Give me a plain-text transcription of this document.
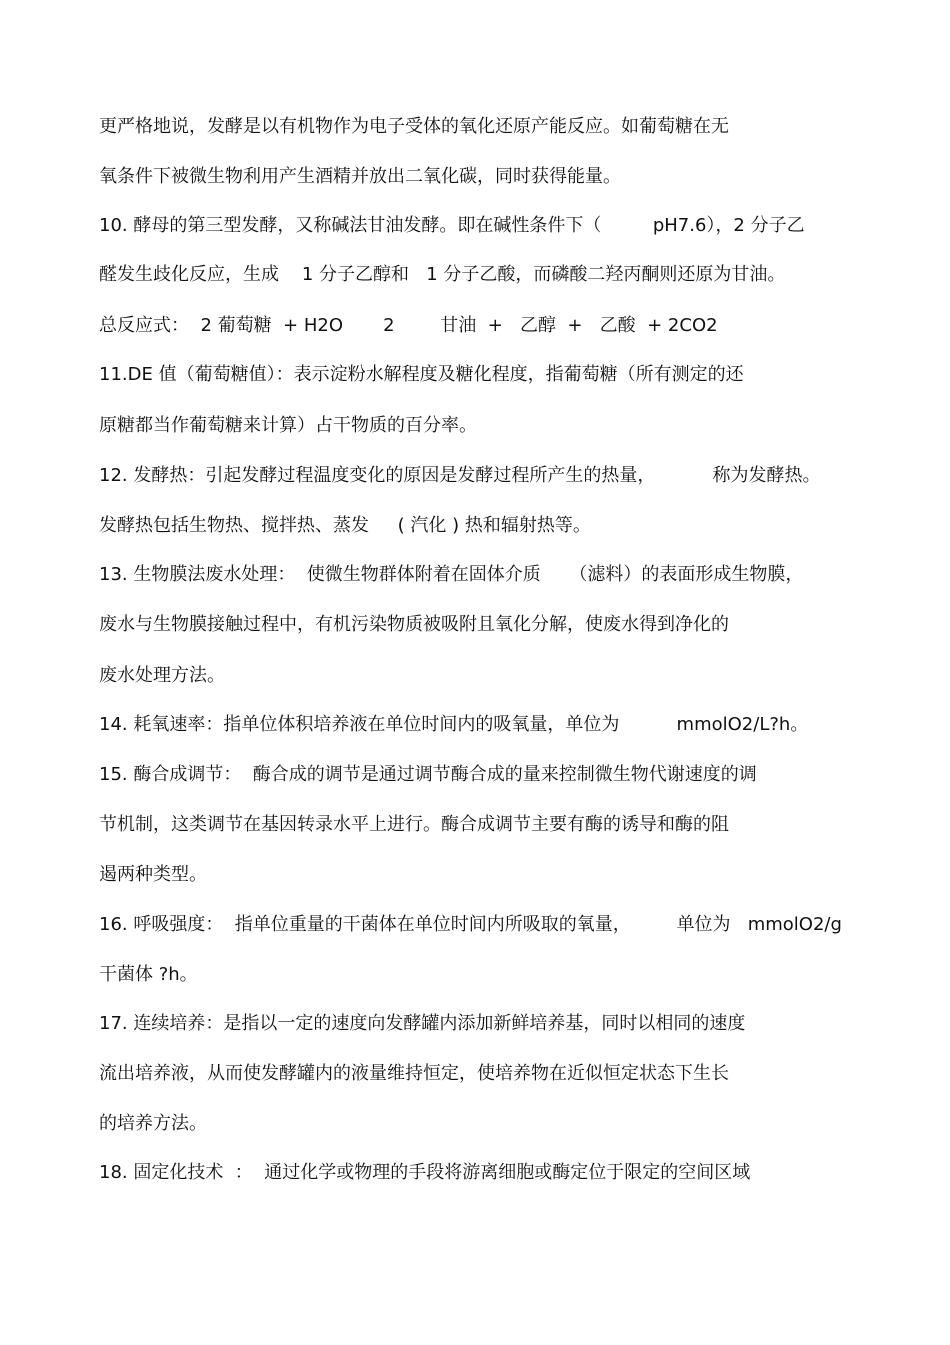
更严格地说，发酵是以有机物作为电子受体的氧化还原产能反应。如葡萄糖在无
氧条件下被微生物利用产生酒精并放出二氧化碳，同时获得能量。
10. 酵母的第三型发酵，又称碱法甘油发酵。即在碱性条件下（         pH7.6），2 分子乙
醛发生歧化反应，生成    1 分子乙醇和   1 分子乙酸，而磷酸二羟丙酮则还原为甘油。
总反应式：  2 葡萄糖  + H2O       2        甘油  +   乙醇  +   乙酸  + 2CO2
11.DE 值（葡萄糖值）：表示淀粉水解程度及糖化程度，指葡萄糖（所有测定的还
原糖都当作葡萄糖来计算）占干物质的百分率。
12. 发酵热：引起发酵过程温度变化的原因是发酵过程所产生的热量，          称为发酵热。
发酵热包括生物热、搅拌热、蒸发     ( 汽化 ) 热和辐射热等。
13. 生物膜法废水处理：  使微生物群体附着在固体介质     （滤料）的表面形成生物膜，
废水与生物膜接触过程中，有机污染物质被吸附且氧化分解，使废水得到净化的
废水处理方法。
14. 耗氧速率：指单位体积培养液在单位时间内的吸氧量，单位为          mmolO2/L?h。
15. 酶合成调节：  酶合成的调节是通过调节酶合成的量来控制微生物代谢速度的调
节机制，这类调节在基因转录水平上进行。酶合成调节主要有酶的诱导和酶的阻
遏两种类型。
16. 呼吸强度：  指单位重量的干菌体在单位时间内所吸取的氧量，        单位为   mmolO2/g
干菌体 ?h。
17. 连续培养：是指以一定的速度向发酵罐内添加新鲜培养基，同时以相同的速度
流出培养液，从而使发酵罐内的液量维持恒定，使培养物在近似恒定状态下生长
的培养方法。
18. 固定化技术  ：  通过化学或物理的手段将游离细胞或酶定位于限定的空间区域
